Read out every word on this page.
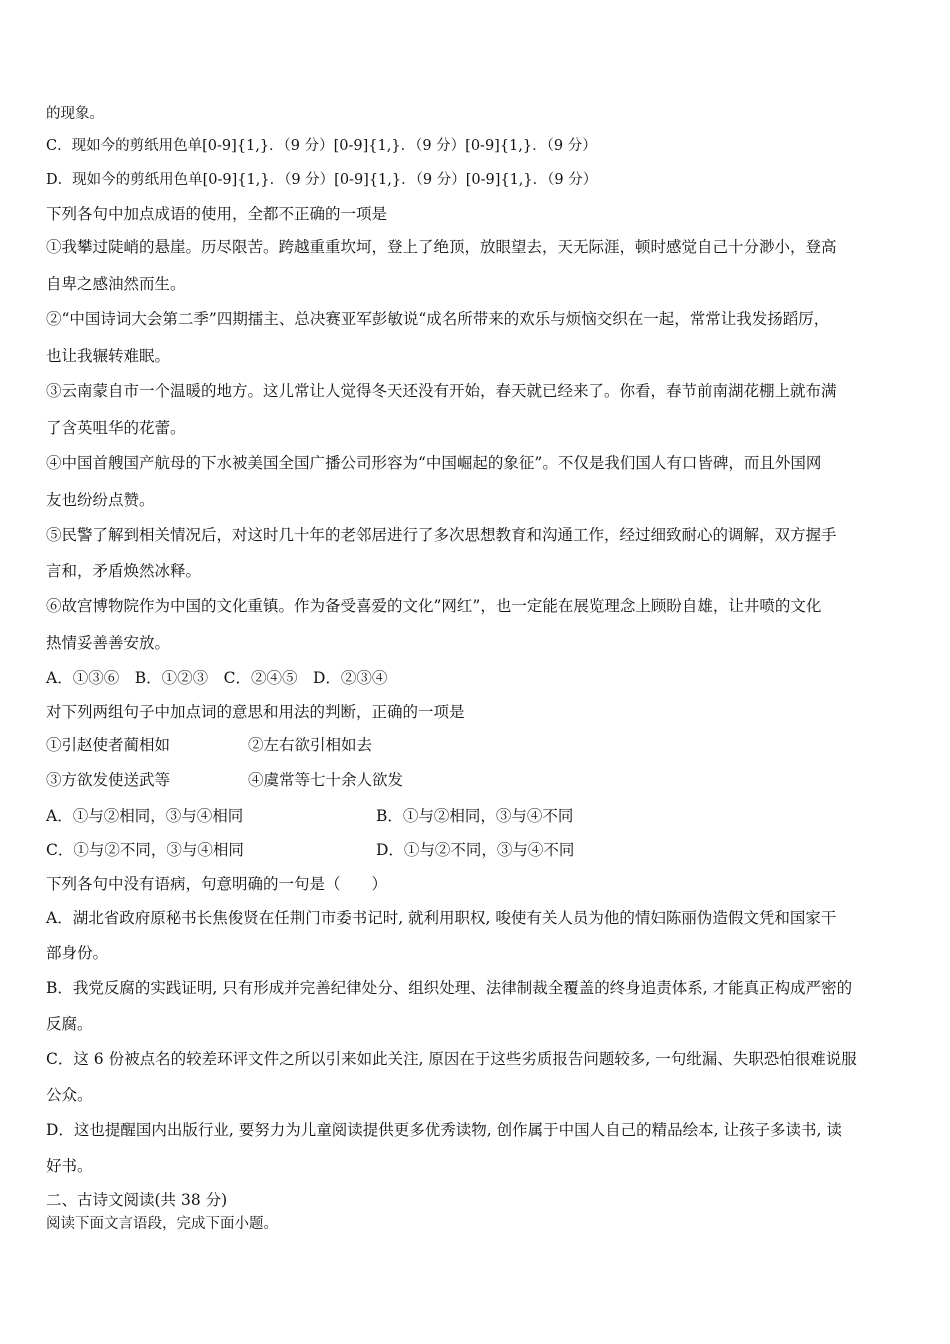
的现象。
C．现如今的剪纸用色单[0-9]{1,}．（9 分）[0-9]{1,}．（9 分）[0-9]{1,}．（9 分）
D．现如今的剪纸用色单[0-9]{1,}．（9 分）[0-9]{1,}．（9 分）[0-9]{1,}．（9 分）
下列各句中加点成语的使用，全都不正确的一项是
①我攀过陡峭的悬崖。历尽限苦。跨越重重坎坷，登上了绝顶，放眼望去，天无际涯，顿时感觉自己十分渺小，登高
自卑之感油然而生。
②“中国诗词大会第二季”四期擂主、总决赛亚军彭敏说“成名所带来的欢乐与烦恼交织在一起，常常让我发扬蹈厉，
也让我辗转难眠。
③云南蒙自市一个温暖的地方。这儿常让人觉得冬天还没有开始，春天就已经来了。你看，春节前南湖花棚上就布满
了含英咀华的花蕾。
④中国首艘国产航母的下水被美国全国广播公司形容为“中国崛起的象征”。不仅是我们国人有口皆碑，而且外国网
友也纷纷点赞。
⑤民警了解到相关情况后，对这时几十年的老邻居进行了多次思想教育和沟通工作，经过细致耐心的调解，双方握手
言和，矛盾焕然冰释。
⑥故宫博物院作为中国的文化重镇。作为备受喜爱的文化”网红”，也一定能在展览理念上顾盼自雄，让井喷的文化
热情妥善善安放。
A．①③⑥　B．①②③　C．②④⑤　D．②③④
对下列两组句子中加点词的意思和用法的判断，正确的一项是
①引赵使者蔺相如	②左右欲引相如去
③方欲发使送武等	④虞常等七十余人欲发
A．①与②相同，③与④相同	B．①与②相同，③与④不同
C．①与②不同，③与④相同	D．①与②不同，③与④不同
下列各句中没有语病，句意明确的一句是（　　）
A．湖北省政府原秘书长焦俊贤在任荆门市委书记时, 就利用职权, 唆使有关人员为他的情妇陈丽伪造假文凭和国家干
部身份。
B．我党反腐的实践证明, 只有形成并完善纪律处分、组织处理、法律制裁全覆盖的终身追责体系, 才能真正构成严密的
反腐。
C．这 6 份被点名的较差环评文件之所以引来如此关注, 原因在于这些劣质报告问题较多, 一句纰漏、失职恐怕很难说服
公众。
D．这也提醒国内出版行业, 要努力为儿童阅读提供更多优秀读物, 创作属于中国人自己的精品绘本, 让孩子多读书, 读
好书。
二、古诗文阅读(共 38 分)
阅读下面文言语段，完成下面小题。
